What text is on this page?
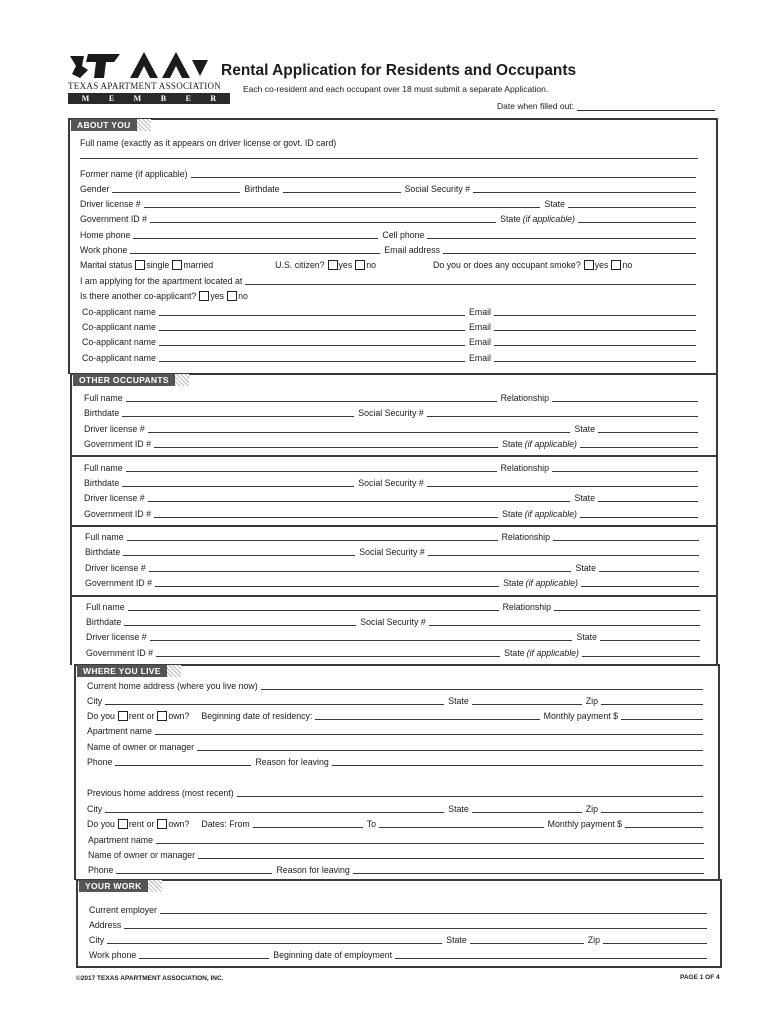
TAA
TEXAS APARTMENT ASSOCIATION
M E M B E R
Rental Application for Residents and Occupants
Each co-resident and each occupant over 18 must submit a separate Application.
Date when filled out:
ABOUT YOU
Full name (exactly as it appears on driver license or govt. ID card)
Former name (if applicable)
Gender	Birthdate	Social Security #
Driver license #	State
Government ID #	State (if applicable)
Home phone	Cell phone
Work phone	Email address
Marital status single married	U.S. citizen? yes no	Do you or does any occupant smoke? yes no
I am applying for the apartment located at
Is there another co-applicant? yes no
Co-applicant name	Email
Co-applicant name	Email
Co-applicant name	Email
Co-applicant name	Email
OTHER OCCUPANTS
Full name	Relationship
Birthdate	Social Security #
Driver license #	State
Government ID #	State (if applicable)
Full name	Relationship
Birthdate	Social Security #
Driver license #	State
Government ID #	State (if applicable)
Full name	Relationship
Birthdate	Social Security #
Driver license #	State
Government ID #	State (if applicable)
Full name	Relationship
Birthdate	Social Security #
Driver license #	State
Government ID #	State (if applicable)
WHERE YOU LIVE
Current home address (where you live now)
City	State	Zip
Do you rent or own? Beginning date of residency:	Monthly payment $
Apartment name
Name of owner or manager
Phone	Reason for leaving
Previous home address (most recent)
City	State	Zip
Do you rent or own? Dates: From	To	Monthly payment $
Apartment name
Name of owner or manager
Phone	Reason for leaving
YOUR WORK
Current employer
Address
City	State	Zip
Work phone	Beginning date of employment
©2017 TEXAS APARTMENT ASSOCIATION, INC.	PAGE 1 OF 4
